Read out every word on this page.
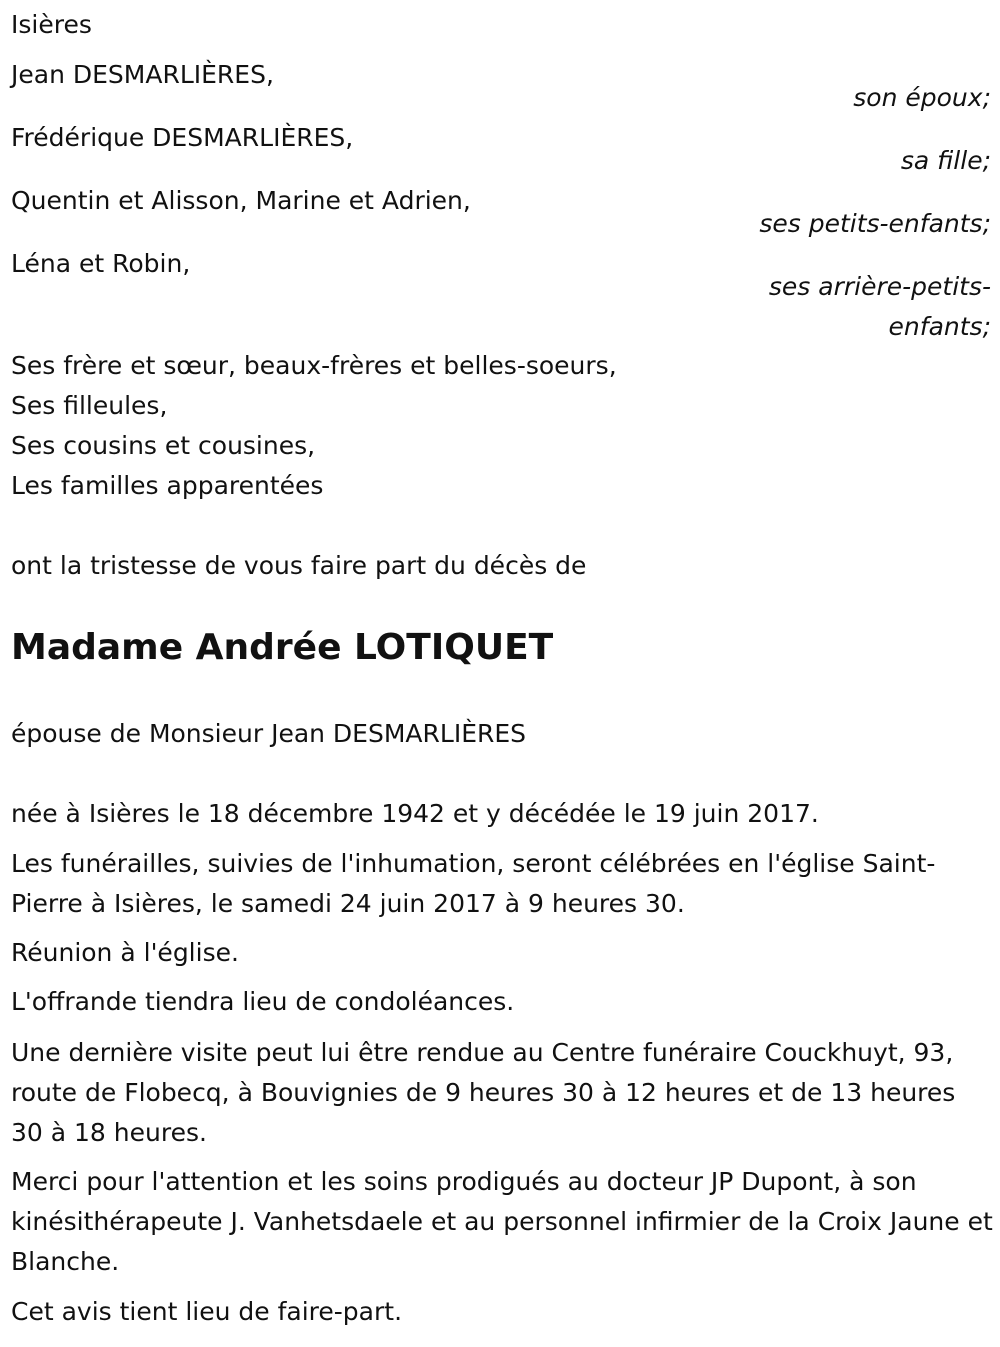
Isières
Jean DESMARLIÈRES,
son époux;
Frédérique DESMARLIÈRES,
sa fille;
Quentin et Alisson, Marine et Adrien,
ses petits-enfants;
Léna et Robin,
ses arrière-petits-
enfants;
Ses frère et sœur, beaux-frères et belles-soeurs,
Ses filleules,
Ses cousins et cousines,
Les familles apparentées
ont la tristesse de vous faire part du décès de
Madame Andrée LOTIQUET
épouse de Monsieur Jean DESMARLIÈRES
née à Isières le 18 décembre 1942 et y décédée le 19 juin 2017.
Les funérailles, suivies de l'inhumation, seront célébrées en l'église Saint-Pierre à Isières, le samedi 24 juin 2017 à 9 heures 30.
Réunion à l'église.
L'offrande tiendra lieu de condoléances.
Une dernière visite peut lui être rendue au Centre funéraire Couckhuyt, 93, route de Flobecq, à Bouvignies de 9 heures 30 à 12 heures et de 13 heures 30 à 18 heures.
Merci pour l'attention et les soins prodigués au docteur JP Dupont, à son kinésithérapeute J. Vanhetsdaele et au personnel infirmier de la Croix Jaune et Blanche.
Cet avis tient lieu de faire-part.
